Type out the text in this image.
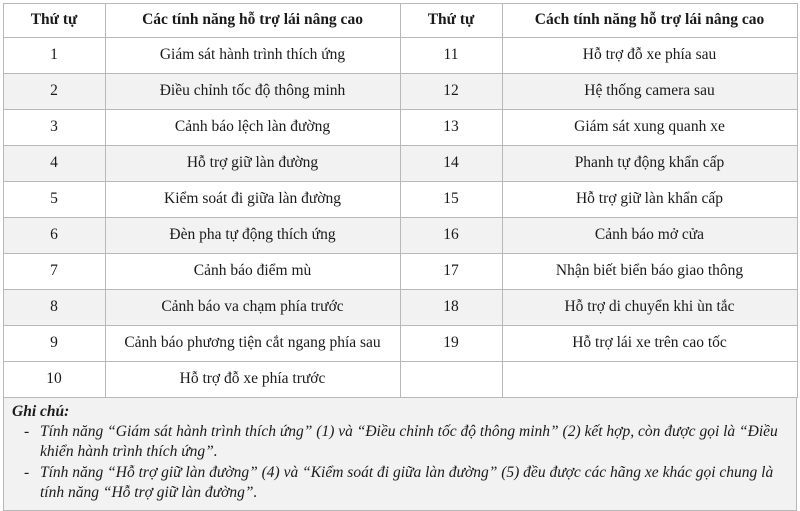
Thứ tự	Các tính năng hỗ trợ lái nâng cao	Thứ tự	Cách tính năng hỗ trợ lái nâng cao
1	Giám sát hành trình thích ứng	11	Hỗ trợ đỗ xe phía sau
2	Điều chỉnh tốc độ thông minh	12	Hệ thống camera sau
3	Cảnh báo lệch làn đường	13	Giám sát xung quanh xe
4	Hỗ trợ giữ làn đường	14	Phanh tự động khẩn cấp
5	Kiểm soát đi giữa làn đường	15	Hỗ trợ giữ làn khẩn cấp
6	Đèn pha tự động thích ứng	16	Cảnh báo mở cửa
7	Cảnh báo điểm mù	17	Nhận biết biển báo giao thông
8	Cảnh báo va chạm phía trước	18	Hỗ trợ di chuyển khi ùn tắc
9	Cảnh báo phương tiện cắt ngang phía sau	19	Hỗ trợ lái xe trên cao tốc
10	Hỗ trợ đỗ xe phía trước		
Ghi chú:
- Tính năng “Giám sát hành trình thích ứng” (1) và “Điều chỉnh tốc độ thông minh” (2) kết hợp, còn được gọi là “Điều khiển hành trình thích ứng”.
- Tính năng “Hỗ trợ giữ làn đường” (4) và “Kiểm soát đi giữa làn đường” (5) đều được các hãng xe khác gọi chung là tính năng “Hỗ trợ giữ làn đường”.
